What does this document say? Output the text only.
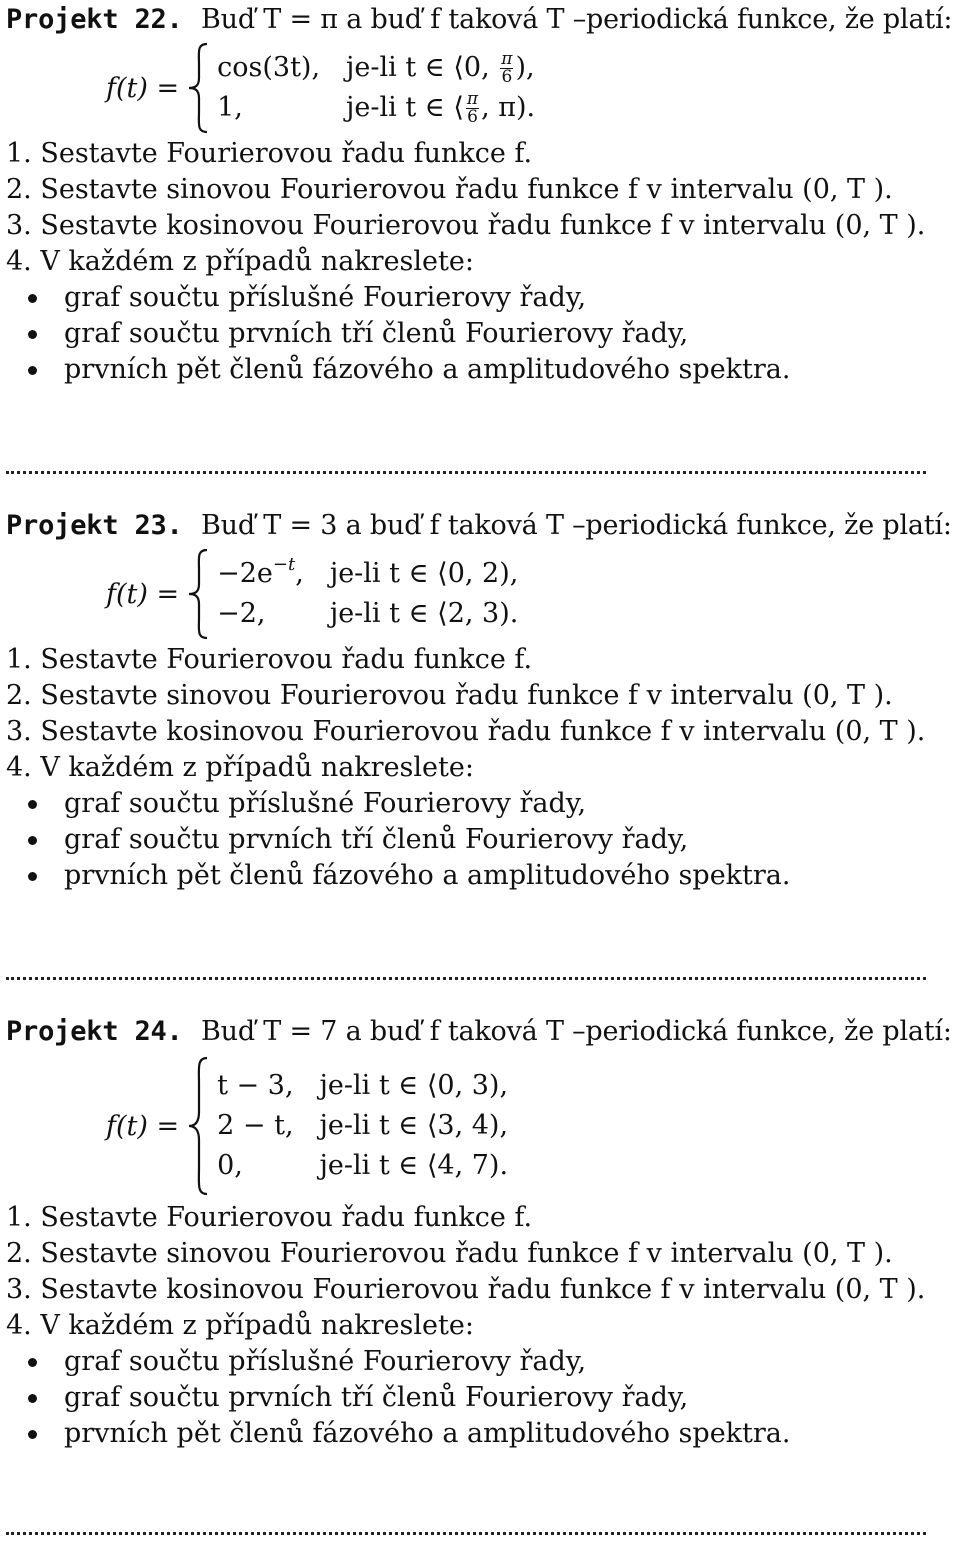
Projekt 22. Buď T = π a buď f taková T –periodická funkce, že platí:
f(t) =
cos(3t), je-li t ∈ ⟨0, $\frac{\pi}{6}$ ),
1,	je-li t ∈ ⟨ $\frac{\pi}{6}$ , π).
1. Sestavte Fourierovou řadu funkce f.
2. Sestavte sinovou Fourierovou řadu funkce f v intervalu (0, T ).
3. Sestavte kosinovou Fourierovou řadu funkce f v intervalu (0, T ).
4. V každém z případů nakreslete:
graf součtu příslušné Fourierovy řady,
graf součtu prvních tří členů Fourierovy řady,
prvních pět členů fázového a amplitudového spektra.
Projekt 23. Buď T = 3 a buď f taková T –periodická funkce, že platí:
f(t) =
$-2e^{-t}$, je-li t ∈ ⟨0, 2),
−2,	je-li t ∈ ⟨2, 3).
1. Sestavte Fourierovou řadu funkce f.
2. Sestavte sinovou Fourierovou řadu funkce f v intervalu (0, T ).
3. Sestavte kosinovou Fourierovou řadu funkce f v intervalu (0, T ).
4. V každém z případů nakreslete:
graf součtu příslušné Fourierovy řady,
graf součtu prvních tří členů Fourierovy řady,
prvních pět členů fázového a amplitudového spektra.
Projekt 24. Buď T = 7 a buď f taková T –periodická funkce, že platí:
f(t) =
t − 3, je-li t ∈ ⟨0, 3),
2 − t, je-li t ∈ ⟨3, 4),
0,	je-li t ∈ ⟨4, 7).
1. Sestavte Fourierovou řadu funkce f.
2. Sestavte sinovou Fourierovou řadu funkce f v intervalu (0, T ).
3. Sestavte kosinovou Fourierovou řadu funkce f v intervalu (0, T ).
4. V každém z případů nakreslete:
graf součtu příslušné Fourierovy řady,
graf součtu prvních tří členů Fourierovy řady,
prvních pět členů fázového a amplitudového spektra.
